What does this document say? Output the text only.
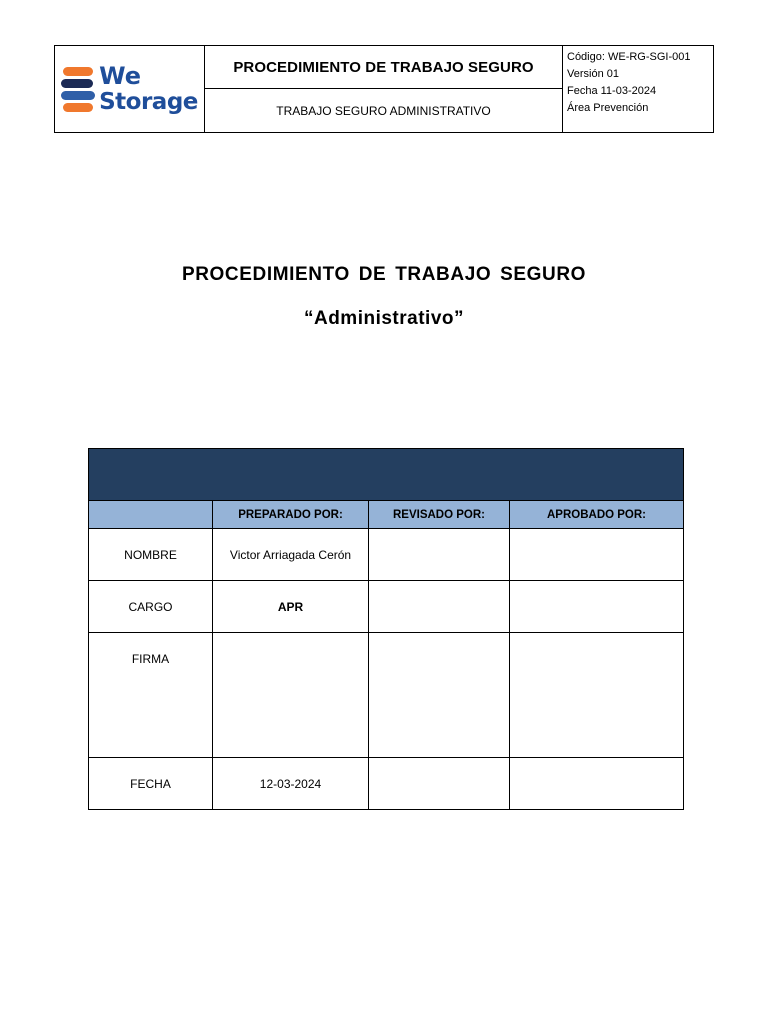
We
Storage
PROCEDIMIENTO DE TRABAJO SEGURO
TRABAJO SEGURO ADMINISTRATIVO
Código: WE-RG-SGI-001
Versión 01
Fecha 11-03-2024
Área Prevención
PROCEDIMIENTO DE TRABAJO SEGURO
“Administrativo”

	PREPARADO POR:	REVISADO POR:	APROBADO POR:
NOMBRE	Victor Arriagada Cerón		
CARGO	APR		
FIRMA			
FECHA	12-03-2024		
